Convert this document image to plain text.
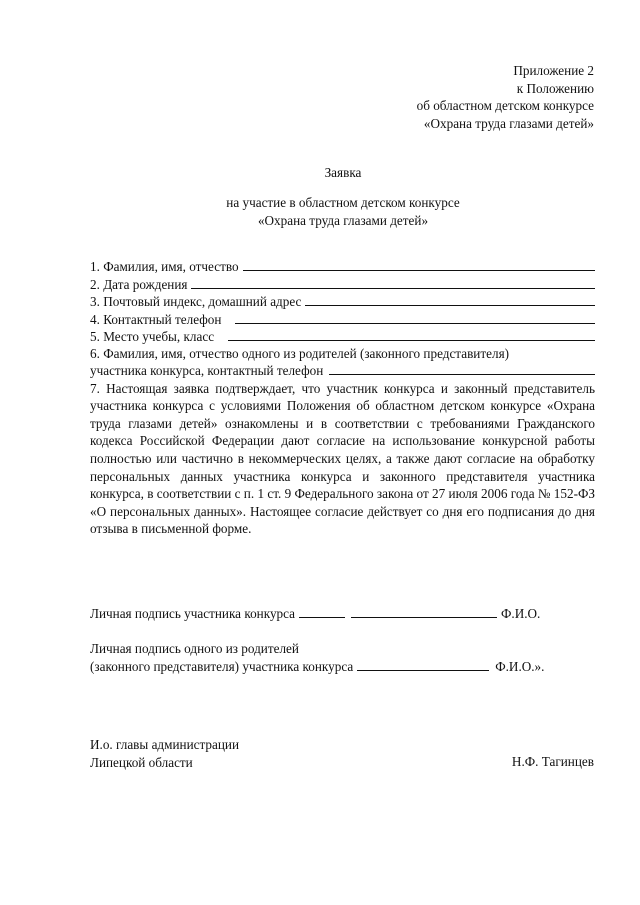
Приложение 2
к Положению
об областном детском конкурсе
«Охрана труда глазами детей»
Заявка
на участие в областном детском конкурсе
«Охрана труда глазами детей»
1. Фамилия, имя, отчество
2. Дата рождения
3. Почтовый индекс, домашний адрес
4. Контактный телефон
5. Место учебы, класс
6. Фамилия, имя, отчество одного из родителей (законного представителя)
участника конкурса, контактный телефон
7. Настоящая заявка подтверждает, что участник конкурса и законный представитель участника конкурса с условиями Положения об областном детском конкурсе «Охрана труда глазами детей» ознакомлены и в соответствии с требованиями Гражданского кодекса Российской Федерации дают согласие на использование конкурсной работы полностью или частично в некоммерческих целях, а также дают согласие на обработку персональных данных участника конкурса и законного представителя участника конкурса, в соответствии с п. 1 ст. 9 Федерального закона от 27 июля 2006 года № 152-ФЗ «О персональных данных». Настоящее согласие действует со дня его подписания до дня отзыва в письменной форме.
Личная подпись участника конкурса	Ф.И.О.
Личная подпись одного из родителей
(законного представителя) участника конкурса	Ф.И.О.».
И.о. главы администрации
Липецкой области	Н.Ф. Тагинцев
